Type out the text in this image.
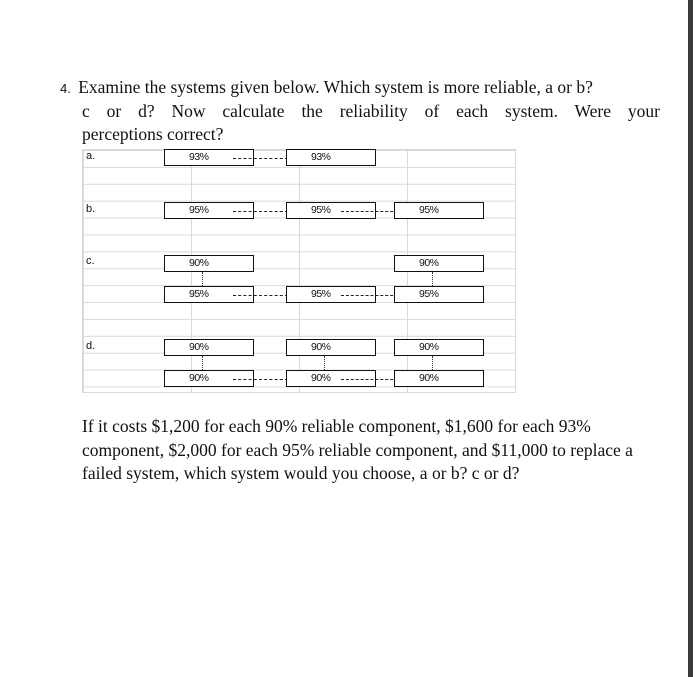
4. Examine the systems given below. Which system is more reliable, a or b?
c or d? Now calculate the reliability of each system. Were your
perceptions correct?
a.
b.
c.
d.
93%	93%
95%	95%	95%
90%	90%
95%	95%	95%
90%	90%	90%
90%	90%	90%
If it costs $1,200 for each 90% reliable component, $1,600 for each 93% component, $2,000 for each 95% reliable component, and $11,000 to replace a failed system, which system would you choose, a or b? c or d?
